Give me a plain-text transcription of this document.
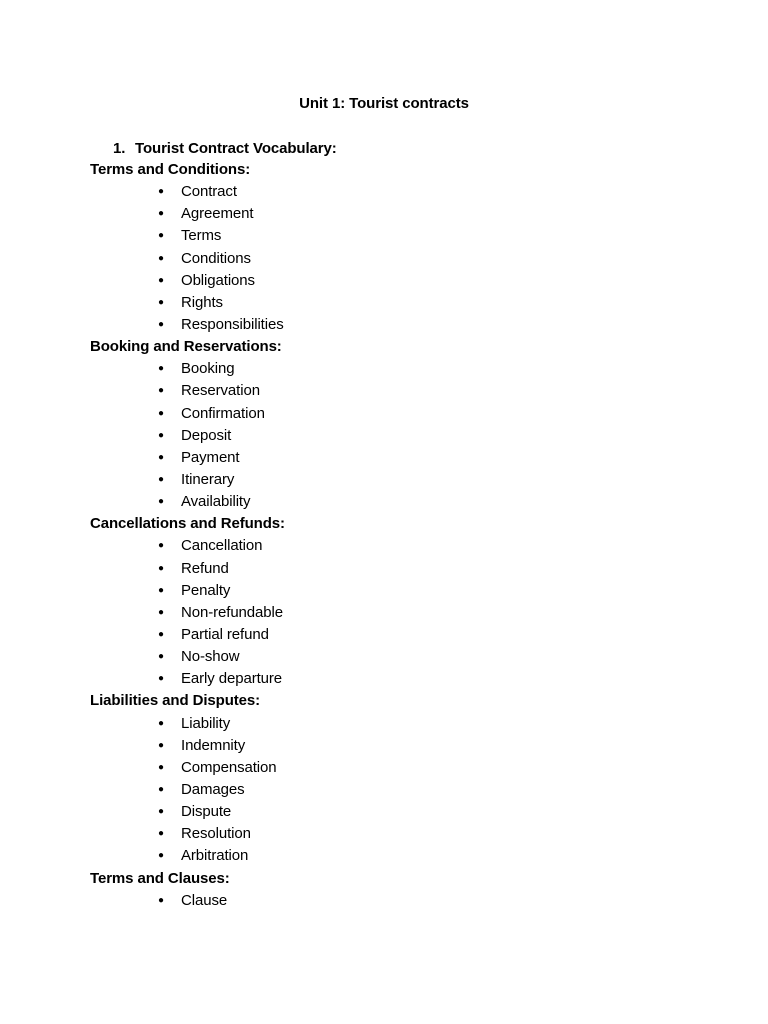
Unit 1: Tourist contracts
1. Tourist Contract Vocabulary:
Terms and Conditions:
● Contract
● Agreement
● Terms
● Conditions
● Obligations
● Rights
● Responsibilities
Booking and Reservations:
● Booking
● Reservation
● Confirmation
● Deposit
● Payment
● Itinerary
● Availability
Cancellations and Refunds:
● Cancellation
● Refund
● Penalty
● Non-refundable
● Partial refund
● No-show
● Early departure
Liabilities and Disputes:
● Liability
● Indemnity
● Compensation
● Damages
● Dispute
● Resolution
● Arbitration
Terms and Clauses:
● Clause
